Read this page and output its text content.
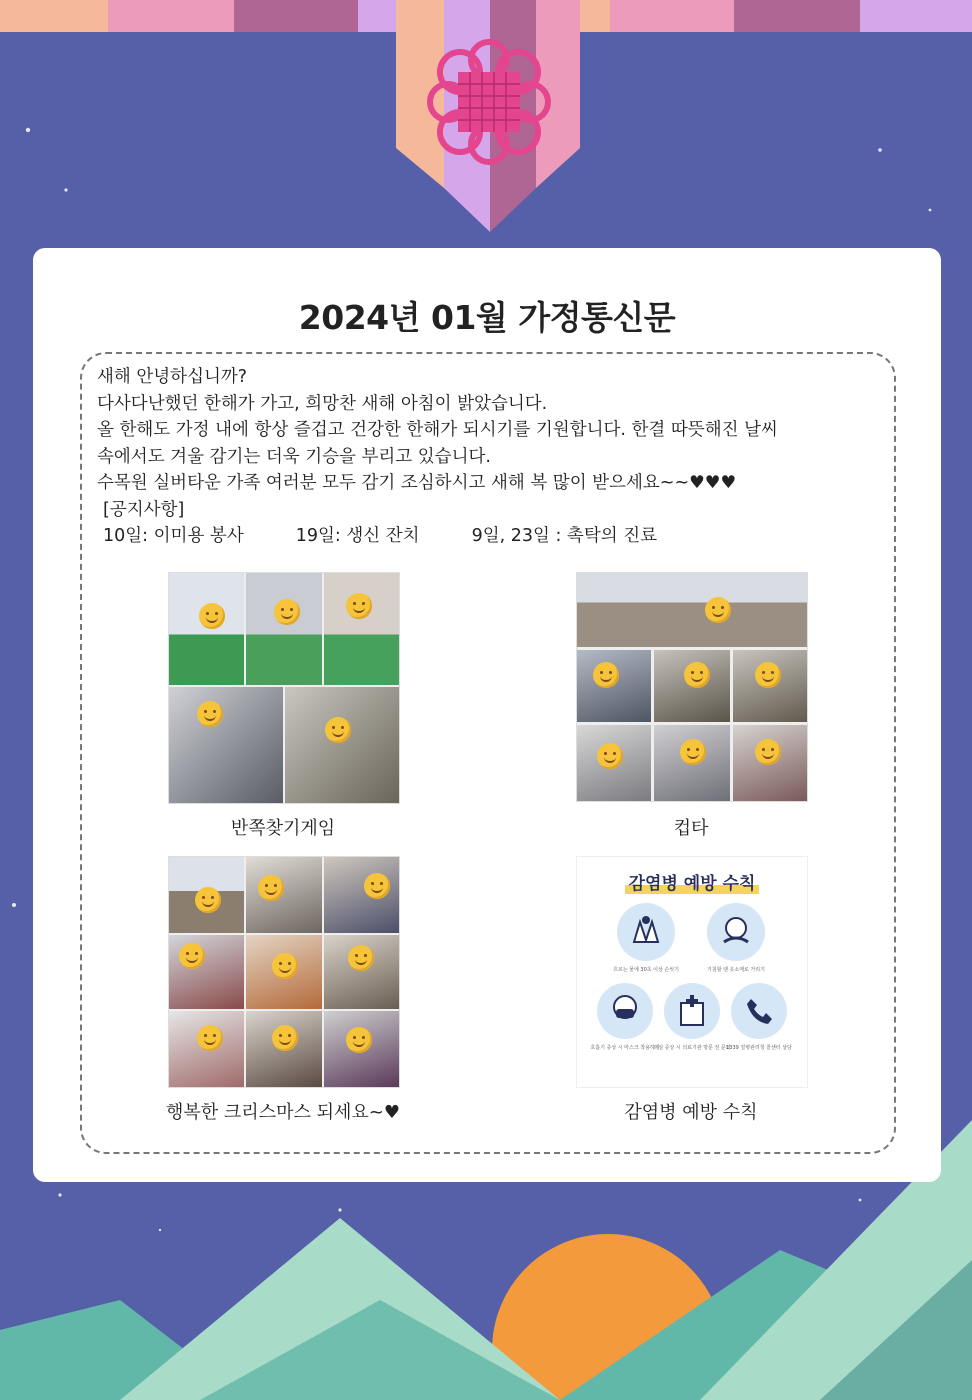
2024년 01월 가정통신문
새해 안녕하십니까?
다사다난했던 한해가 가고, 희망찬 새해 아침이 밝았습니다.
올 한해도 가정 내에 항상 즐겁고 건강한 한해가 되시기를 기원합니다. 한결 따뜻해진 날씨
속에서도 겨울 감기는 더욱 기승을 부리고 있습니다.
수목원 실버타운 가족 여러분 모두 감기 조심하시고 새해 복 많이 받으세요~~♥♥♥
[공지사항]
10일: 이미용 봉사	19일: 생신 잔치	9일, 23일 : 촉탁의 진료
반쪽찾기게임	컵타
행복한 크리스마스 되세요~♥
감염병 예방 수칙
흐르는 물에 30초 이상 손씻기	기침할 땐 옷소매로 가리기
호흡기 증상 시 마스크 착용하기
의심 증상 시 의료기관 방문 전 문의
1339 질병관리청 콜센터 상담
감염병 예방 수칙
